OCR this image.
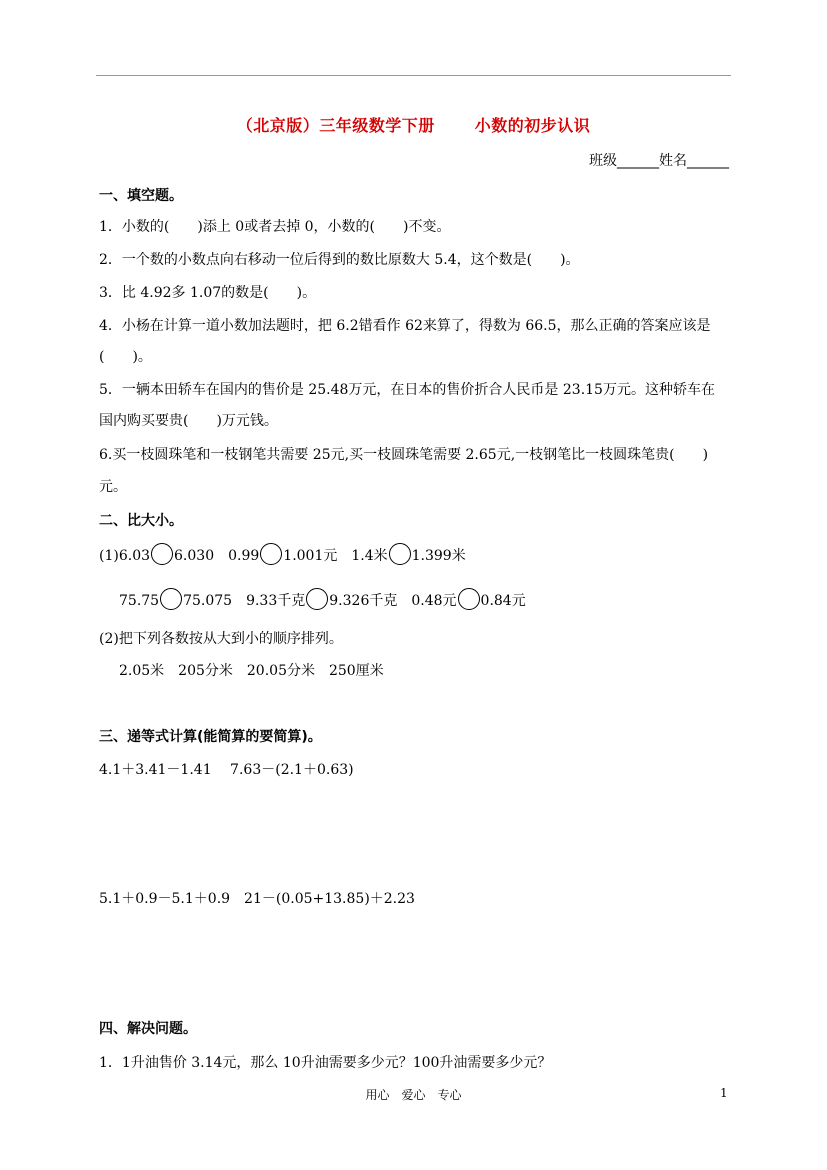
（北京版）三年级数学下册	小数的初步认识
班级______姓名______
一、填空题。
1．小数的(　　)添上 0或者去掉 0，小数的(　　)不变。
2．一个数的小数点向右移动一位后得到的数比原数大 5.4，这个数是(　　)。
3．比 4.92多 1.07的数是(　　)。
4．小杨在计算一道小数加法题时，把 6.2错看作 62来算了，得数为 66.5，那么正确的答案应该是
(　　)。
5．一辆本田轿车在国内的售价是 25.48万元，在日本的售价折合人民币是 23.15万元。这种轿车在
国内购买要贵(　　)万元钱。
6.买一枝圆珠笔和一枝钢笔共需要 25元,买一枝圆珠笔需要 2.65元,一枝钢笔比一枝圆珠笔贵(　　)
元。
二、比大小。
(1)6.03 6.030　0.99 1.001元　1.4米 1.399米
75.75 75.075　9.33千克 9.326千克　0.48元 0.84元
(2)把下列各数按从大到小的顺序排列。
2.05米　205分米　20.05分米　250厘米
三、递等式计算(能简算的要简算)。
4.1＋3.41－1.41　 7.63－(2.1＋0.63)
5.1＋0.9－5.1＋0.9　21－(0.05+13.85)＋2.23
四、解决问题。
1．1升油售价 3.14元，那么 10升油需要多少元？100升油需要多少元？
用心　爱心　专心	1
